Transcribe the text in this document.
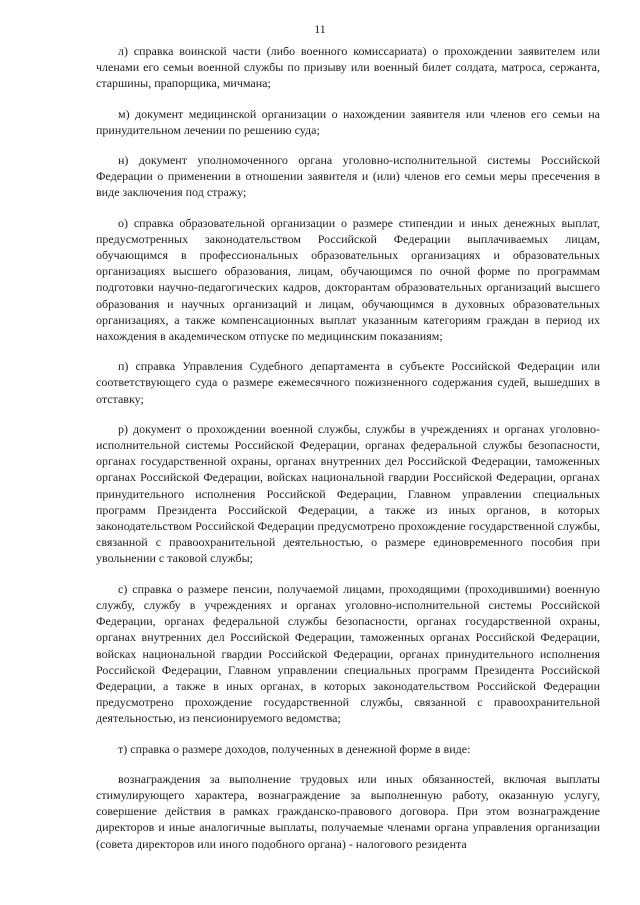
11

л) справка воинской части (либо военного комиссариата) о прохождении заявителем или членами его семьи военной службы по призыву или военный билет солдата, матроса, сержанта, старшины, прапорщика, мичмана;

м) документ медицинской организации о нахождении заявителя или членов его семьи на принудительном лечении по решению суда;

н) документ уполномоченного органа уголовно-исполнительной системы Российской Федерации о применении в отношении заявителя и (или) членов его семьи меры пресечения в виде заключения под стражу;

о) справка образовательной организации о размере стипендии и иных денежных выплат, предусмотренных законодательством Российской Федерации выплачиваемых лицам, обучающимся в профессиональных образовательных организациях и образовательных организациях высшего образования, лицам, обучающимся по очной форме по программам подготовки научно-педагогических кадров, докторантам образовательных организаций высшего образования и научных организаций и лицам, обучающимся в духовных образовательных организациях, а также компенсационных выплат указанным категориям граждан в период их нахождения в академическом отпуске по медицинским показаниям;

п) справка Управления Судебного департамента в субъекте Российской Федерации или соответствующего суда о размере ежемесячного пожизненного содержания судей, вышедших в отставку;

р) документ о прохождении военной службы, службы в учреждениях и органах уголовно-исполнительной системы Российской Федерации, органах федеральной службы безопасности, органах государственной охраны, органах внутренних дел Российской Федерации, таможенных органах Российской Федерации, войсках национальной гвардии Российской Федерации, органах принудительного исполнения Российской Федерации, Главном управлении специальных программ Президента Российской Федерации, а также из иных органов, в которых законодательством Российской Федерации предусмотрено прохождение государственной службы, связанной с правоохранительной деятельностью, о размере единовременного пособия при увольнении с таковой службы;

с) справка о размере пенсии, получаемой лицами, проходящими (проходившими) военную службу, службу в учреждениях и органах уголовно-исполнительной системы Российской Федерации, органах федеральной службы безопасности, органах государственной охраны, органах внутренних дел Российской Федерации, таможенных органах Российской Федерации, войсках национальной гвардии Российской Федерации, органах принудительного исполнения Российской Федерации, Главном управлении специальных программ Президента Российской Федерации, а также в иных органах, в которых законодательством Российской Федерации предусмотрено прохождение государственной службы, связанной с правоохранительной деятельностью, из пенсионируемого ведомства;

т) справка о размере доходов, полученных в денежной форме в виде:

вознаграждения за выполнение трудовых или иных обязанностей, включая выплаты стимулирующего характера, вознаграждение за выполненную работу, оказанную услугу, совершение действия в рамках гражданско-правового договора. При этом вознаграждение директоров и иные аналогичные выплаты, получаемые членами органа управления организации (совета директоров или иного подобного органа) - налогового резидента
